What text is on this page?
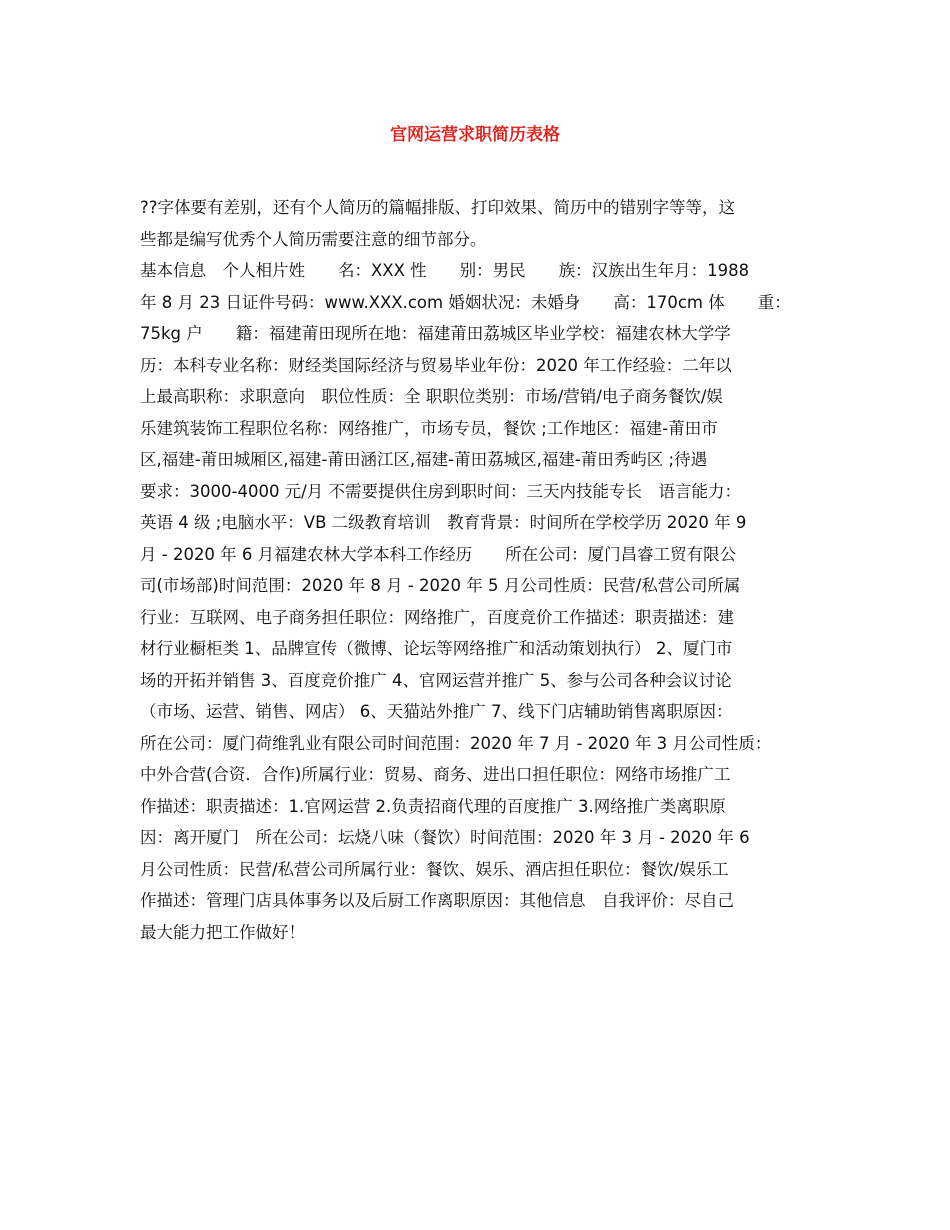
官网运营求职简历表格
??字体要有差别，还有个人简历的篇幅排版、打印效果、简历中的错别字等等，这
些都是编写优秀个人简历需要注意的细节部分。
基本信息　个人相片姓　　名：XXX 性　　别：男民　　族：汉族出生年月：1988
年 8 月 23 日证件号码：www.XXX.com 婚姻状况：未婚身　　高：170cm 体　　重：
75kg 户　　籍：福建莆田现所在地：福建莆田荔城区毕业学校：福建农林大学学
历：本科专业名称：财经类国际经济与贸易毕业年份：2020 年工作经验：二年以
上最高职称：求职意向　职位性质：全 职职位类别：市场/营销/电子商务餐饮/娱
乐建筑装饰工程职位名称：网络推广，市场专员，餐饮 ;工作地区：福建-莆田市
区,福建-莆田城厢区,福建-莆田涵江区,福建-莆田荔城区,福建-莆田秀屿区 ;待遇
要求：3000-4000 元/月 不需要提供住房到职时间：三天内技能专长　语言能力：
英语 4 级 ;电脑水平：VB 二级教育培训　教育背景：时间所在学校学历 2020 年 9
月 - 2020 年 6 月福建农林大学本科工作经历　　所在公司：厦门昌睿工贸有限公
司(市场部)时间范围：2020 年 8 月 - 2020 年 5 月公司性质：民营/私营公司所属
行业：互联网、电子商务担任职位：网络推广，百度竞价工作描述：职责描述：建
材行业橱柜类 1、品牌宣传（微博、论坛等网络推广和活动策划执行） 2、厦门市
场的开拓并销售 3、百度竞价推广 4、官网运营并推广 5、参与公司各种会议讨论
（市场、运营、销售、网店） 6、天猫站外推广 7、线下门店辅助销售离职原因：
所在公司：厦门荷维乳业有限公司时间范围：2020 年 7 月 - 2020 年 3 月公司性质：
中外合营(合资．合作)所属行业：贸易、商务、进出口担任职位：网络市场推广工
作描述：职责描述：1.官网运营 2.负责招商代理的百度推广 3.网络推广类离职原
因：离开厦门　所在公司：坛烧八味（餐饮）时间范围：2020 年 3 月 - 2020 年 6
月公司性质：民营/私营公司所属行业：餐饮、娱乐、酒店担任职位：餐饮/娱乐工
作描述：管理门店具体事务以及后厨工作离职原因：其他信息　自我评价：尽自己
最大能力把工作做好！
